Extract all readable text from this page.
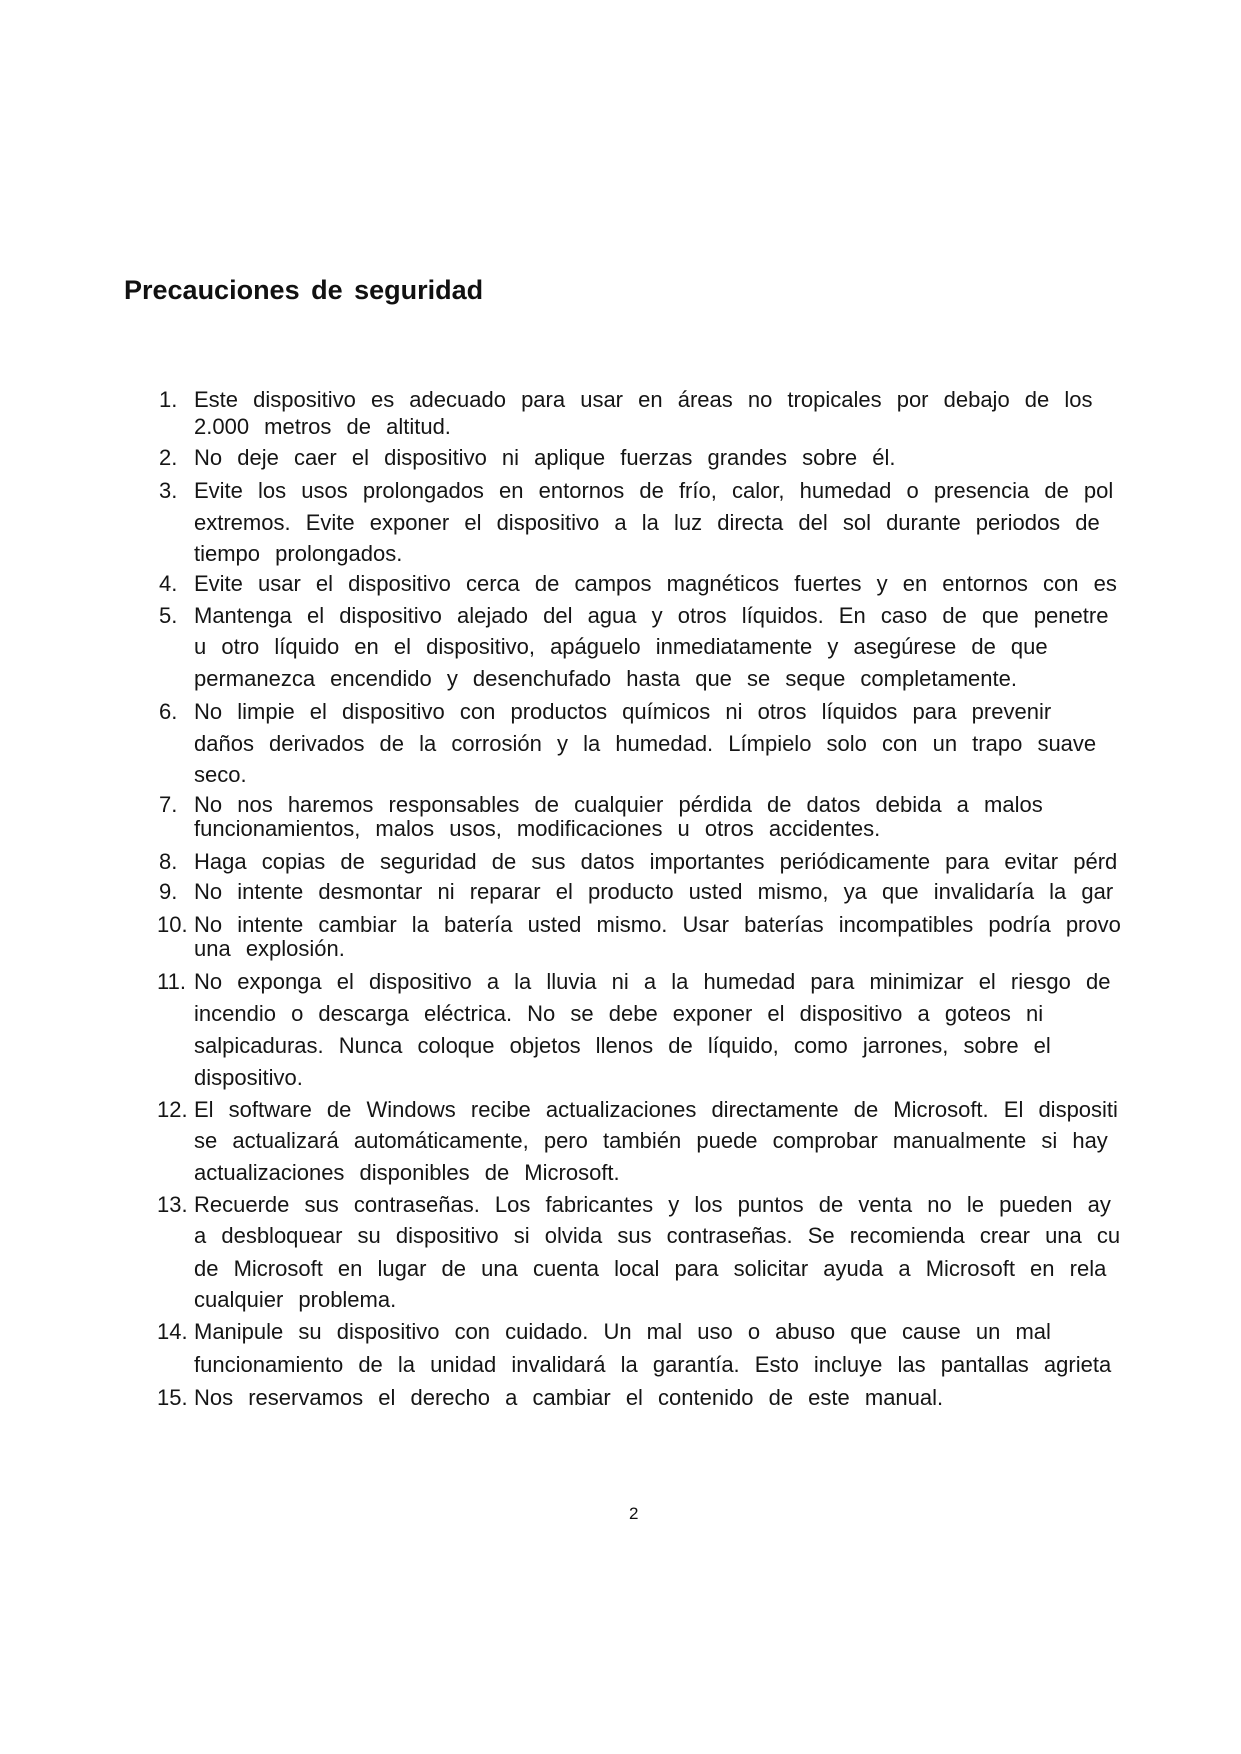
Precauciones de seguridad
1. Este dispositivo es adecuado para usar en áreas no tropicales por debajo de los
2.000 metros de altitud.
2. No deje caer el dispositivo ni aplique fuerzas grandes sobre él.
3. Evite los usos prolongados en entornos de frío, calor, humedad o presencia de pol
extremos. Evite exponer el dispositivo a la luz directa del sol durante periodos de
tiempo prolongados.
4. Evite usar el dispositivo cerca de campos magnéticos fuertes y en entornos con es
5. Mantenga el dispositivo alejado del agua y otros líquidos. En caso de que penetre
u otro líquido en el dispositivo, apáguelo inmediatamente y asegúrese de que
permanezca encendido y desenchufado hasta que se seque completamente.
6. No limpie el dispositivo con productos químicos ni otros líquidos para prevenir
daños derivados de la corrosión y la humedad. Límpielo solo con un trapo suave
seco.
7. No nos haremos responsables de cualquier pérdida de datos debida a malos
funcionamientos, malos usos, modificaciones u otros accidentes.
8. Haga copias de seguridad de sus datos importantes periódicamente para evitar pérd
9. No intente desmontar ni reparar el producto usted mismo, ya que invalidaría la gar
10. No intente cambiar la batería usted mismo. Usar baterías incompatibles podría provo
una explosión.
11. No exponga el dispositivo a la lluvia ni a la humedad para minimizar el riesgo de
incendio o descarga eléctrica. No se debe exponer el dispositivo a goteos ni
salpicaduras. Nunca coloque objetos llenos de líquido, como jarrones, sobre el
dispositivo.
12. El software de Windows recibe actualizaciones directamente de Microsoft. El dispositi
se actualizará automáticamente, pero también puede comprobar manualmente si hay
actualizaciones disponibles de Microsoft.
13. Recuerde sus contraseñas. Los fabricantes y los puntos de venta no le pueden ay
a desbloquear su dispositivo si olvida sus contraseñas. Se recomienda crear una cu
de Microsoft en lugar de una cuenta local para solicitar ayuda a Microsoft en rela
cualquier problema.
14. Manipule su dispositivo con cuidado. Un mal uso o abuso que cause un mal
funcionamiento de la unidad invalidará la garantía. Esto incluye las pantallas agrieta
15. Nos reservamos el derecho a cambiar el contenido de este manual.
2
